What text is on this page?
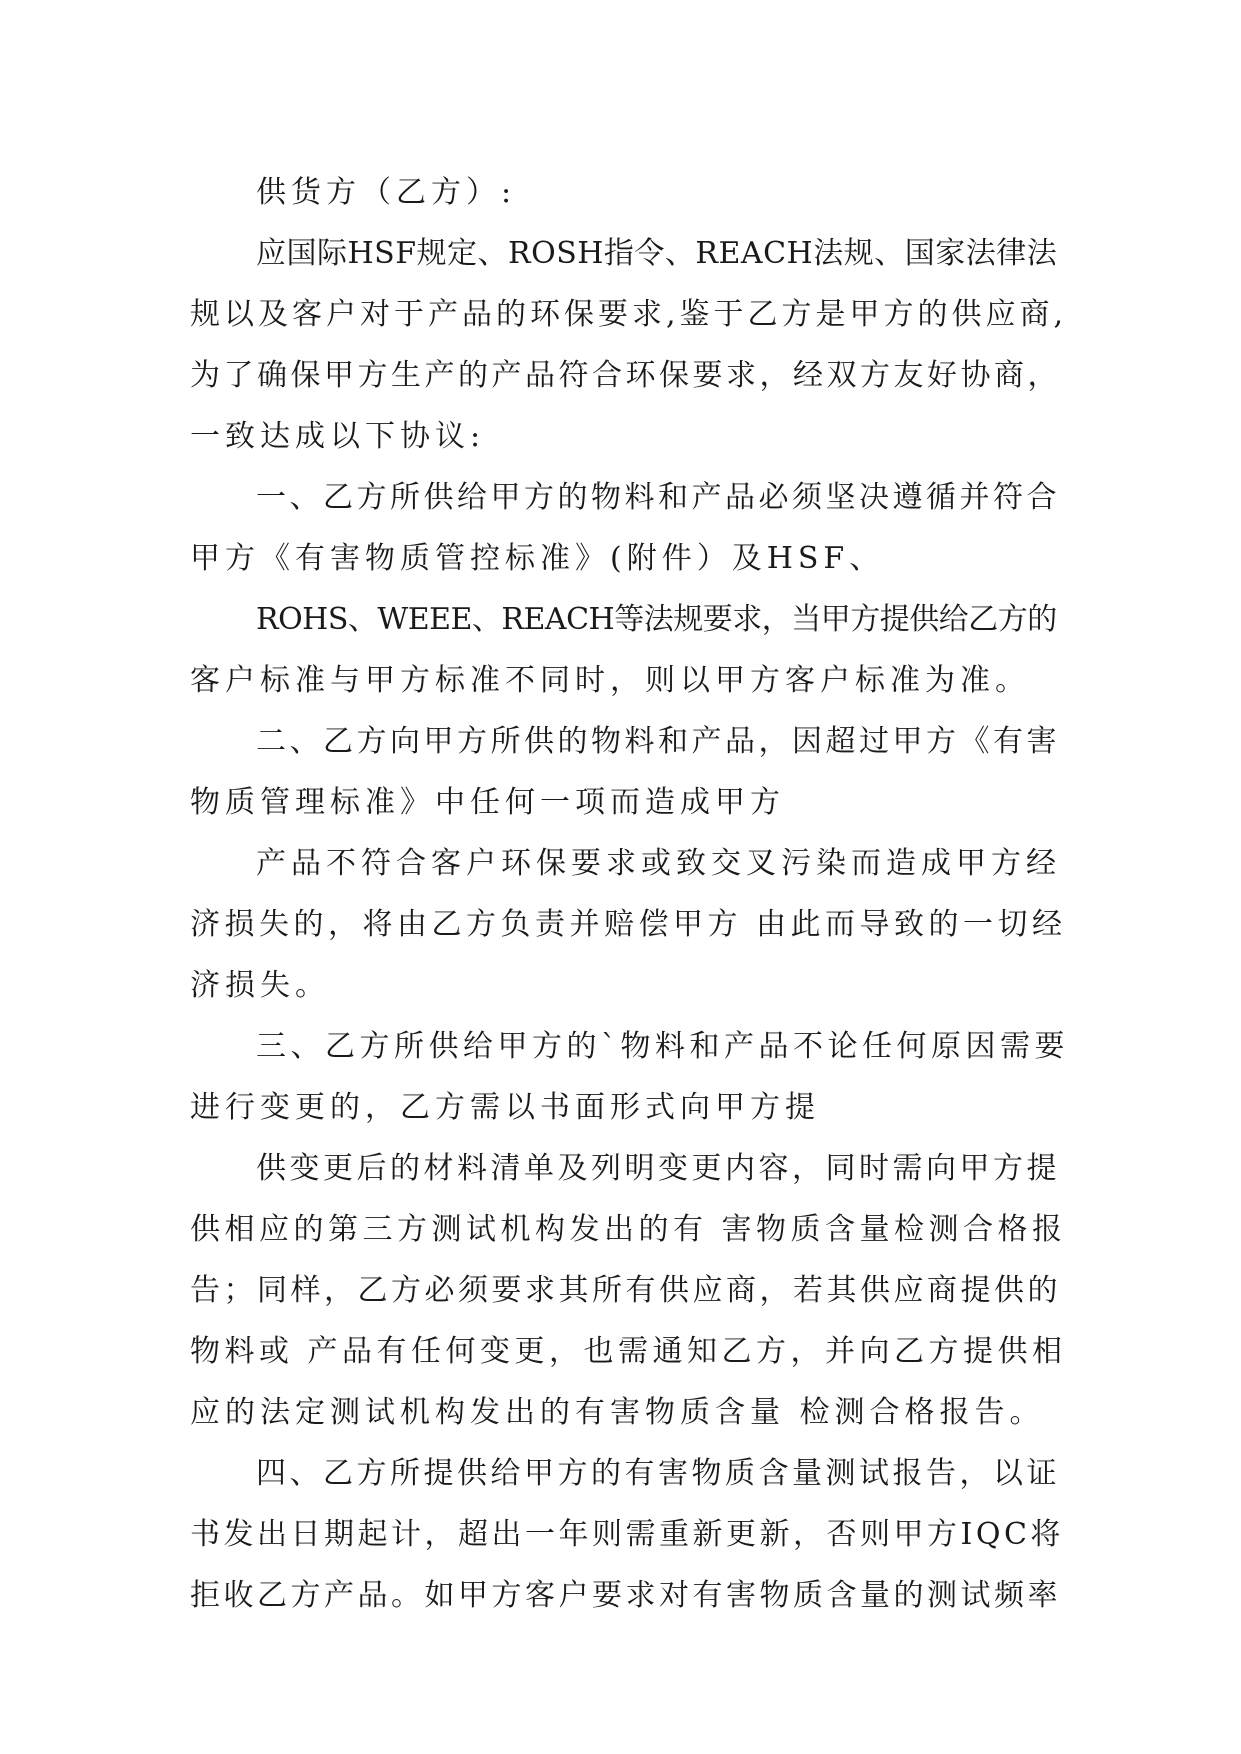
供货方（乙方）:
应国际HSF规定、ROSH指令、REACH法规、国家法律法
规以及客户对于产品的环保要求,鉴于乙方是甲方的供应商,
为了确保甲方生产的产品符合环保要求，经双方友好协商，
一致达成以下协议:
一、乙方所供给甲方的物料和产品必须坚决遵循并符合
甲方《有害物质管控标准》(附件）及HSF、
ROHS、WEEE、REACH等法规要求，当甲方提供给乙方的
客户标准与甲方标准不同时，则以甲方客户标准为准。
二、乙方向甲方所供的物料和产品，因超过甲方《有害
物质管理标准》中任何一项而造成甲方
产品不符合客户环保要求或致交叉污染而造成甲方经
济损失的，将由乙方负责并赔偿甲方 由此而导致的一切经
济损失。
三、乙方所供给甲方的`物料和产品不论任何原因需要
进行变更的，乙方需以书面形式向甲方提
供变更后的材料清单及列明变更内容，同时需向甲方提
供相应的第三方测试机构发出的有 害物质含量检测合格报
告；同样，乙方必须要求其所有供应商，若其供应商提供的
物料或 产品有任何变更，也需通知乙方，并向乙方提供相
应的法定测试机构发出的有害物质含量 检测合格报告。
四、乙方所提供给甲方的有害物质含量测试报告，以证
书发出日期起计，超出一年则需重新更新，否则甲方IQC将
拒收乙方产品。如甲方客户要求对有害物质含量的测试频率
